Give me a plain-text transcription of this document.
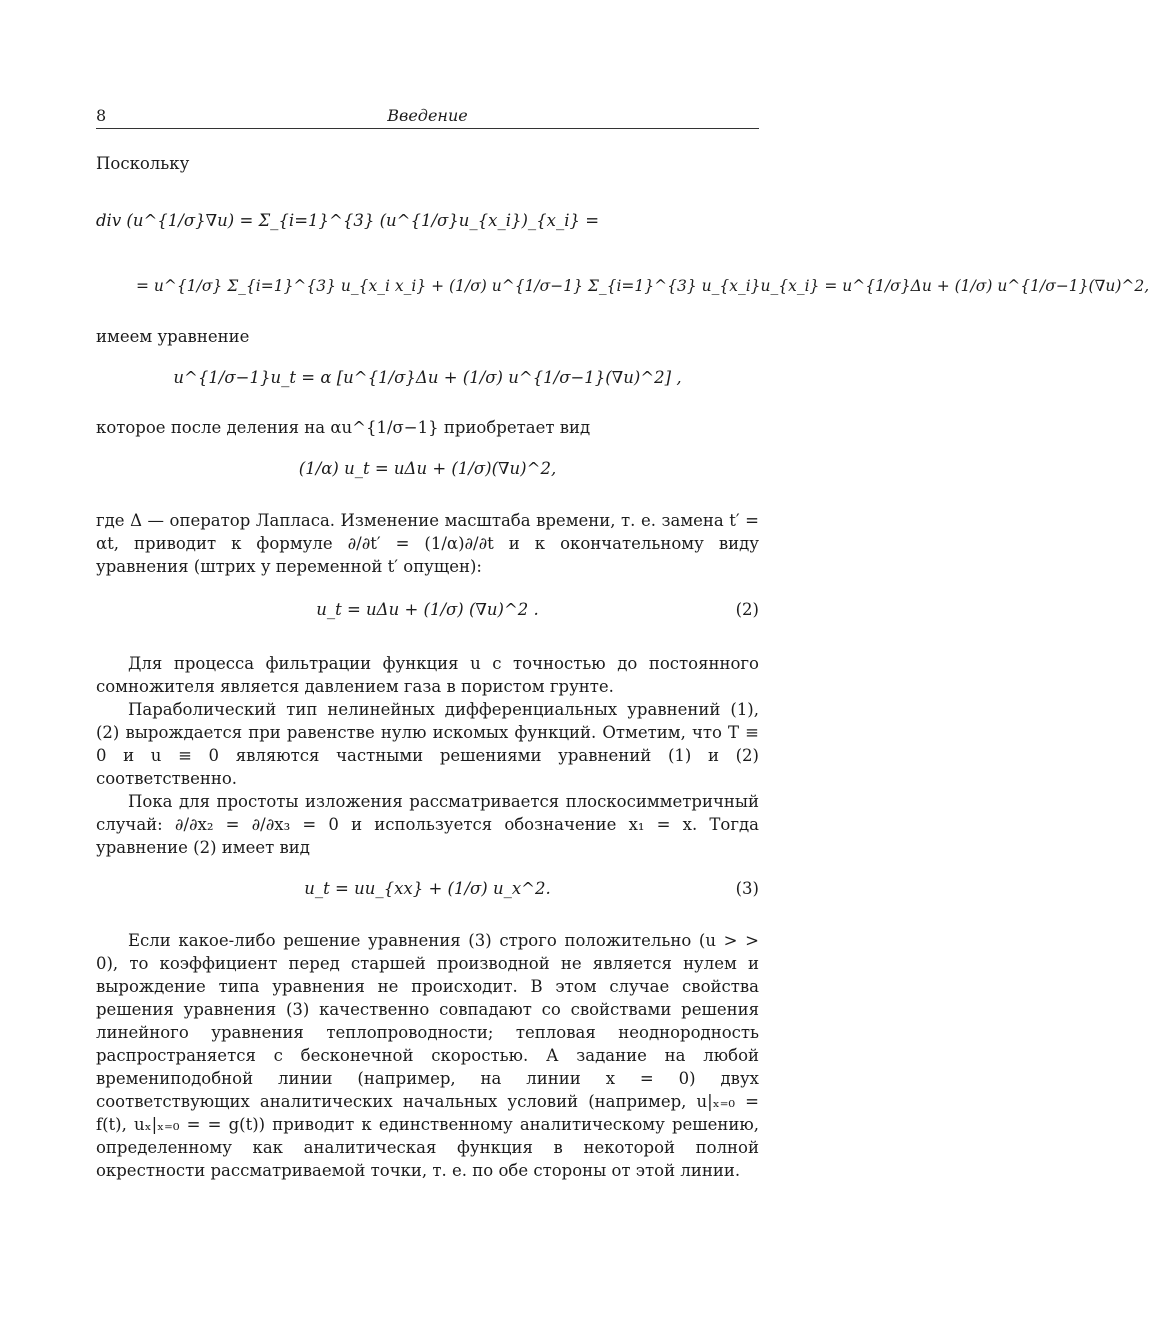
8	Введение

Поскольку

div (u^{1/σ}∇u) = Σ_{i=1}^{3} (u^{1/σ}u_{x_i})_{x_i} =
= u^{1/σ} Σ_{i=1}^{3} u_{x_i x_i} + (1/σ) u^{1/σ−1} Σ_{i=1}^{3} u_{x_i}u_{x_i} = u^{1/σ}Δu + (1/σ) u^{1/σ−1}(∇u)^2,

имеем уравнение

u^{1/σ−1}u_t = α [u^{1/σ}Δu + (1/σ) u^{1/σ−1}(∇u)^2] ,

которое после деления на αu^{1/σ−1} приобретает вид

(1/α) u_t = uΔu + (1/σ)(∇u)^2,

где Δ — оператор Лапласа. Изменение масштаба времени, т. е. замена t′ = αt, приводит к формуле ∂/∂t′ = (1/α)∂/∂t и к окончательному виду уравнения (штрих у переменной t′ опущен):

u_t = uΔu + (1/σ) (∇u)^2 .	(2)

Для процесса фильтрации функция u с точностью до постоянного сомножителя является давлением газа в пористом грунте.

Параболический тип нелинейных дифференциальных уравнений (1), (2) вырождается при равенстве нулю искомых функций. Отметим, что T ≡ 0 и u ≡ 0 являются частными решениями уравнений (1) и (2) соответственно.

Пока для простоты изложения рассматривается плоскосимметричный случай: ∂/∂x₂ = ∂/∂x₃ = 0 и используется обозначение x₁ = x. Тогда уравнение (2) имеет вид

u_t = uu_{xx} + (1/σ) u_x^2.	(3)

Если какое-либо решение уравнения (3) строго положительно (u > > 0), то коэффициент перед старшей производной не является нулем и вырождение типа уравнения не происходит. В этом случае свойства решения уравнения (3) качественно совпадают со свойствами решения линейного уравнения теплопроводности; тепловая неоднородность распространяется с бесконечной скоростью. А задание на любой времениподобной линии (например, на линии x = 0) двух соответствующих аналитических начальных условий (например, u|ₓ₌₀ = f(t), uₓ|ₓ₌₀ = = g(t)) приводит к единственному аналитическому решению, определенному как аналитическая функция в некоторой полной окрестности рассматриваемой точки, т. е. по обе стороны от этой линии.
